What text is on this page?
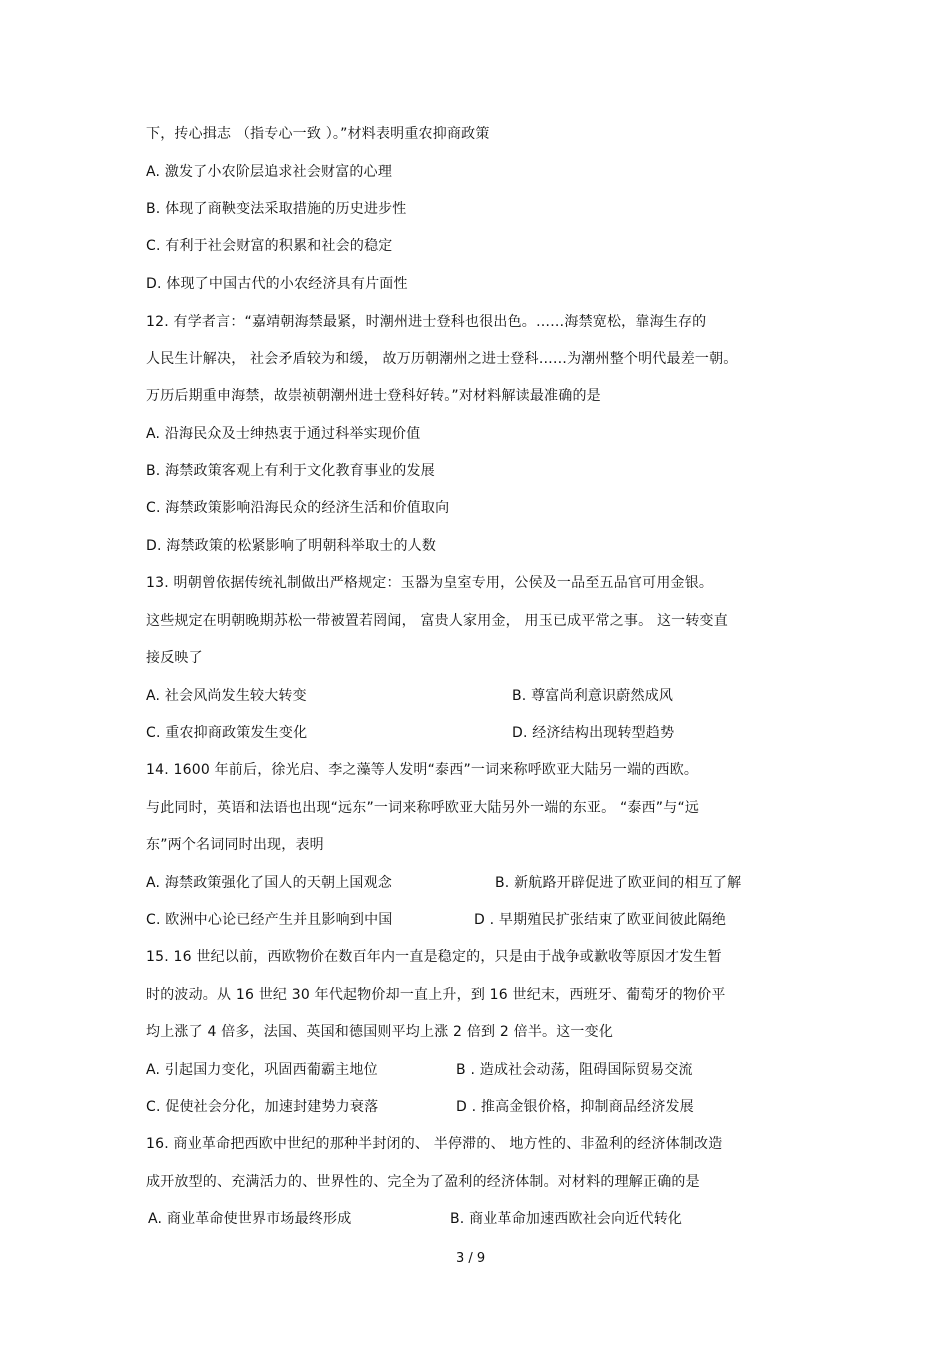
下，抟心揖志 （指专心一致 ）。”材料表明重农抑商政策
A. 激发了小农阶层追求社会财富的心理
B. 体现了商鞅变法采取措施的历史进步性
C. 有利于社会财富的积累和社会的稳定
D. 体现了中国古代的小农经济具有片面性
12. 有学者言：“嘉靖朝海禁最紧，时潮州进士登科也很出色。……海禁宽松，靠海生存的
人民生计解决， 社会矛盾较为和缓， 故万历朝潮州之进士登科……为潮州整个明代最差一朝。
万历后期重申海禁，故崇祯朝潮州进士登科好转。”对材料解读最准确的是
A. 沿海民众及士绅热衷于通过科举实现价值
B. 海禁政策客观上有利于文化教育事业的发展
C. 海禁政策影响沿海民众的经济生活和价值取向
D. 海禁政策的松紧影响了明朝科举取士的人数
13. 明朝曾依据传统礼制做出严格规定：玉器为皇室专用，公侯及一品至五品官可用金银。
这些规定在明朝晚期苏松一带被置若罔闻， 富贵人家用金， 用玉已成平常之事。 这一转变直
接反映了
A. 社会风尚发生较大转变	B. 尊富尚利意识蔚然成风
C. 重农抑商政策发生变化	D. 经济结构出现转型趋势
14. 1600 年前后，徐光启、李之藻等人发明“泰西”一词来称呼欧亚大陆另一端的西欧。
与此同时，英语和法语也出现“远东”一词来称呼欧亚大陆另外一端的东亚。 “泰西”与“远
东”两个名词同时出现，表明
A. 海禁政策强化了国人的天朝上国观念	B. 新航路开辟促进了欧亚间的相互了解
C. 欧洲中心论已经产生并且影响到中国	D . 早期殖民扩张结束了欧亚间彼此隔绝
15. 16 世纪以前，西欧物价在数百年内一直是稳定的，只是由于战争或歉收等原因才发生暂
时的波动。从 16 世纪 30 年代起物价却一直上升，到 16 世纪末，西班牙、葡萄牙的物价平
均上涨了 4 倍多，法国、英国和德国则平均上涨 2 倍到 2 倍半。这一变化
A. 引起国力变化，巩固西葡霸主地位	B . 造成社会动荡，阻碍国际贸易交流
C. 促使社会分化，加速封建势力衰落	D . 推高金银价格，抑制商品经济发展
16. 商业革命把西欧中世纪的那种半封闭的、 半停滞的、 地方性的、非盈利的经济体制改造
成开放型的、充满活力的、世界性的、完全为了盈利的经济体制。对材料的理解正确的是
A. 商业革命使世界市场最终形成	B. 商业革命加速西欧社会向近代转化
3 / 9
